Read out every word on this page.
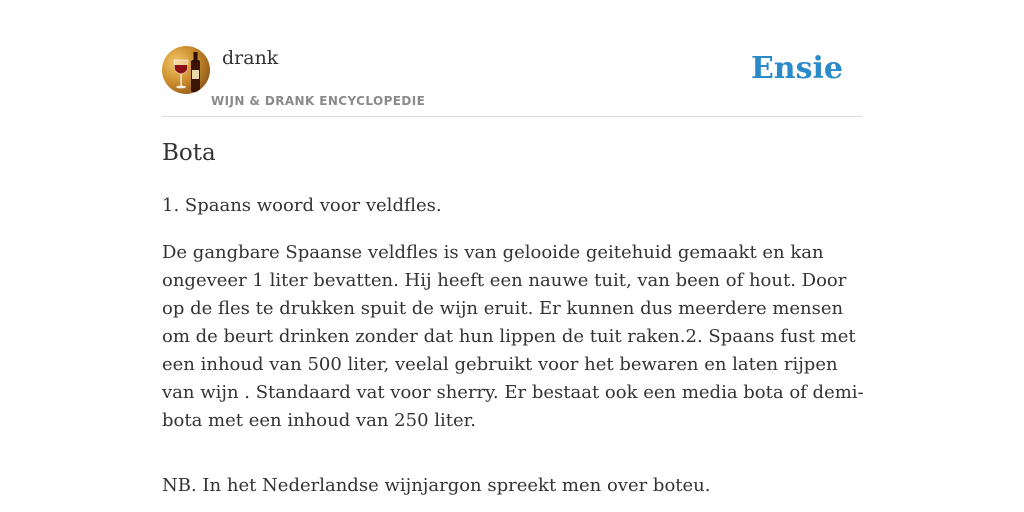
drank
WIJN & DRANK ENCYCLOPEDIE
Ensie
Bota

1. Spaans woord voor veldfles.

De gangbare Spaanse veldfles is van gelooide geitehuid gemaakt en kan ongeveer 1 liter bevatten. Hij heeft een nauwe tuit, van been of hout. Door op de fles te drukken spuit de wijn eruit. Er kunnen dus meerdere mensen om de beurt drinken zonder dat hun lippen de tuit raken.2. Spaans fust met een inhoud van 500 liter, veelal gebruikt voor het bewaren en laten rijpen van wijn . Standaard vat voor sherry. Er bestaat ook een media bota of demi-bota met een inhoud van 250 liter.

NB. In het Nederlandse wijnjargon spreekt men over boteu.
